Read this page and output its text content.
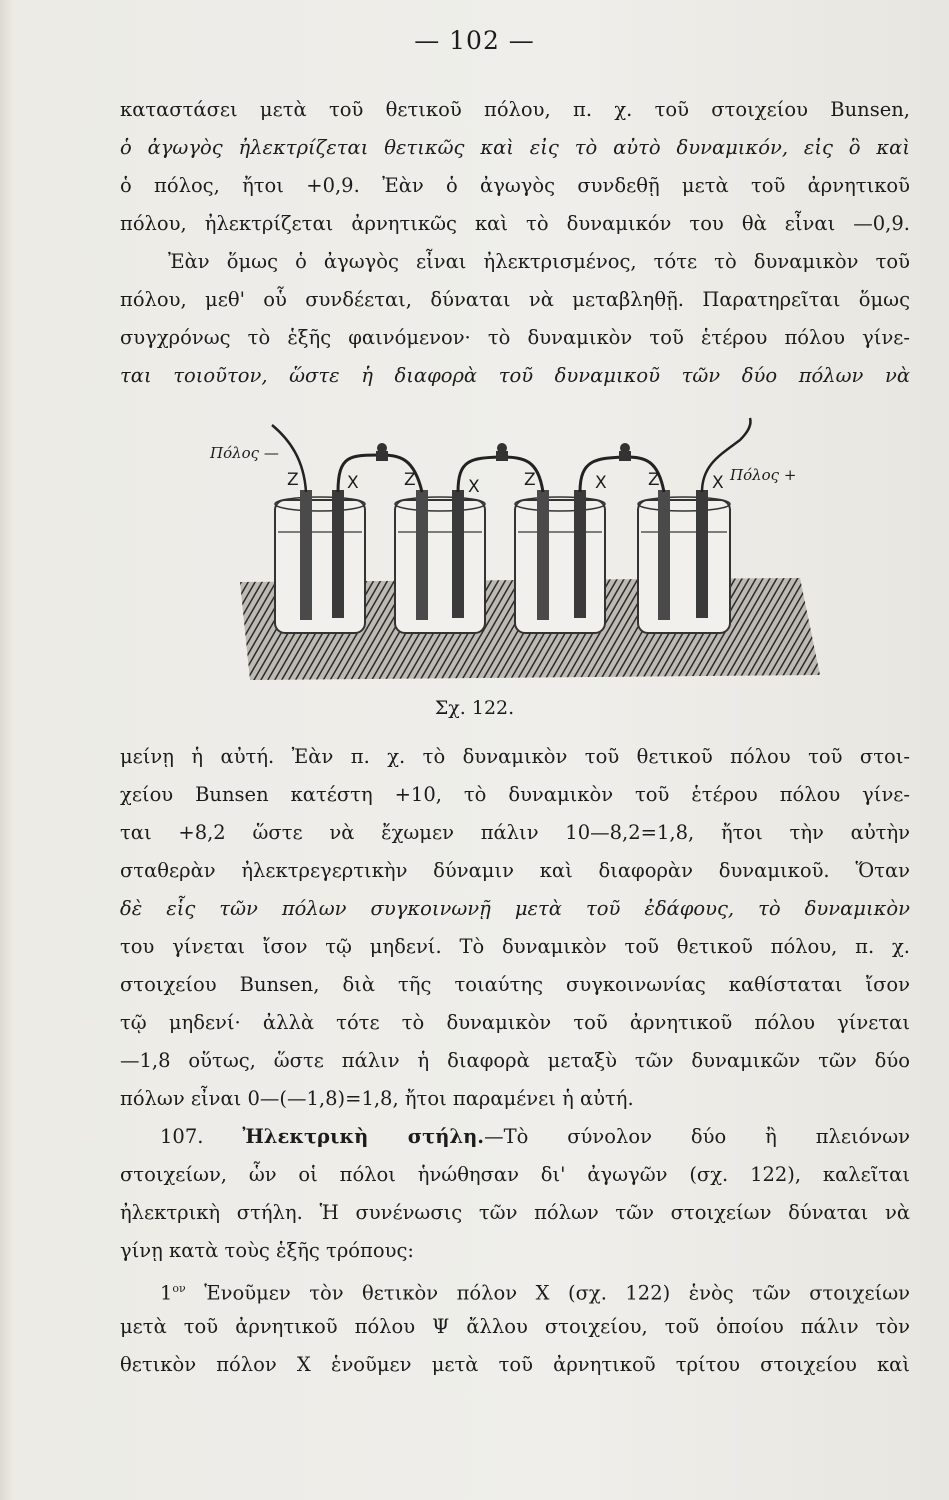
— 102 —
καταστάσει μετὰ τοῦ θετικοῦ πόλου, π. χ. τοῦ στοιχείου Bunsen,
ὁ ἀγωγὸς ἠλεκτρίζεται θετικῶς καὶ εἰς τὸ αὐτὸ δυναμικόν, εἰς ὃ καὶ
ὁ πόλος, ἤτοι +0,9. Ἐὰν ὁ ἀγωγὸς συνδεθῇ μετὰ τοῦ ἀρνητικοῦ
πόλου, ἠλεκτρίζεται ἀρνητικῶς καὶ τὸ δυναμικόν του θὰ εἶναι —0,9.
Ἐὰν ὅμως ὁ ἀγωγὸς εἶναι ἠλεκτρισμένος, τότε τὸ δυναμικὸν τοῦ
πόλου, μεθ' οὗ συνδέεται, δύναται νὰ μεταβληθῇ. Παρατηρεῖται ὅμως
συγχρόνως τὸ ἑξῆς φαινόμενον· τὸ δυναμικὸν τοῦ ἑτέρου πόλου γίνε-
ται τοιοῦτον, ὥστε ἡ διαφορὰ τοῦ δυναμικοῦ τῶν δύο πόλων νὰ
Πόλος —
Πόλος +
Z	X	Z	X	Z	X Z	X
Σχ. 122.
μείνῃ ἡ αὐτή. Ἐὰν π. χ. τὸ δυναμικὸν τοῦ θετικοῦ πόλου τοῦ στοι-
χείου Bunsen κατέστη +10, τὸ δυναμικὸν τοῦ ἑτέρου πόλου γίνε-
ται +8,2 ὥστε νὰ ἔχωμεν πάλιν 10—8,2=1,8, ἤτοι τὴν αὐτὴν
σταθερὰν ἠλεκτρεγερτικὴν δύναμιν καὶ διαφορὰν δυναμικοῦ. Ὅταν
δὲ εἷς τῶν πόλων συγκοινωνῇ μετὰ τοῦ ἐδάφους, τὸ δυναμικὸν
του γίνεται ἴσον τῷ μηδενί. Τὸ δυναμικὸν τοῦ θετικοῦ πόλου, π. χ.
στοιχείου Bunsen, διὰ τῆς τοιαύτης συγκοινωνίας καθίσταται ἴσον
τῷ μηδενί· ἀλλὰ τότε τὸ δυναμικὸν τοῦ ἀρνητικοῦ πόλου γίνεται
—1,8 οὕτως, ὥστε πάλιν ἡ διαφορὰ μεταξὺ τῶν δυναμικῶν τῶν δύο
πόλων εἶναι 0—(—1,8)=1,8, ἤτοι παραμένει ἡ αὐτή.
107. Ἠλεκτρικὴ στήλη.—Τὸ σύνολον δύο ἢ πλειόνων
στοιχείων, ὧν οἱ πόλοι ἡνώθησαν δι' ἀγωγῶν (σχ. 122), καλεῖται
ἠλεκτρικὴ στήλη. Ἡ συνένωσις τῶν πόλων τῶν στοιχείων δύναται νὰ
γίνῃ κατὰ τοὺς ἑξῆς τρόπους:
$1^{o\nu}$ Ἑνοῦμεν τὸν θετικὸν πόλον X (σχ. 122) ἑνὸς τῶν στοιχείων
μετὰ τοῦ ἀρνητικοῦ πόλου Ψ ἄλλου στοιχείου, τοῦ ὁποίου πάλιν τὸν
θετικὸν πόλον X ἑνοῦμεν μετὰ τοῦ ἀρνητικοῦ τρίτου στοιχείου καὶ
